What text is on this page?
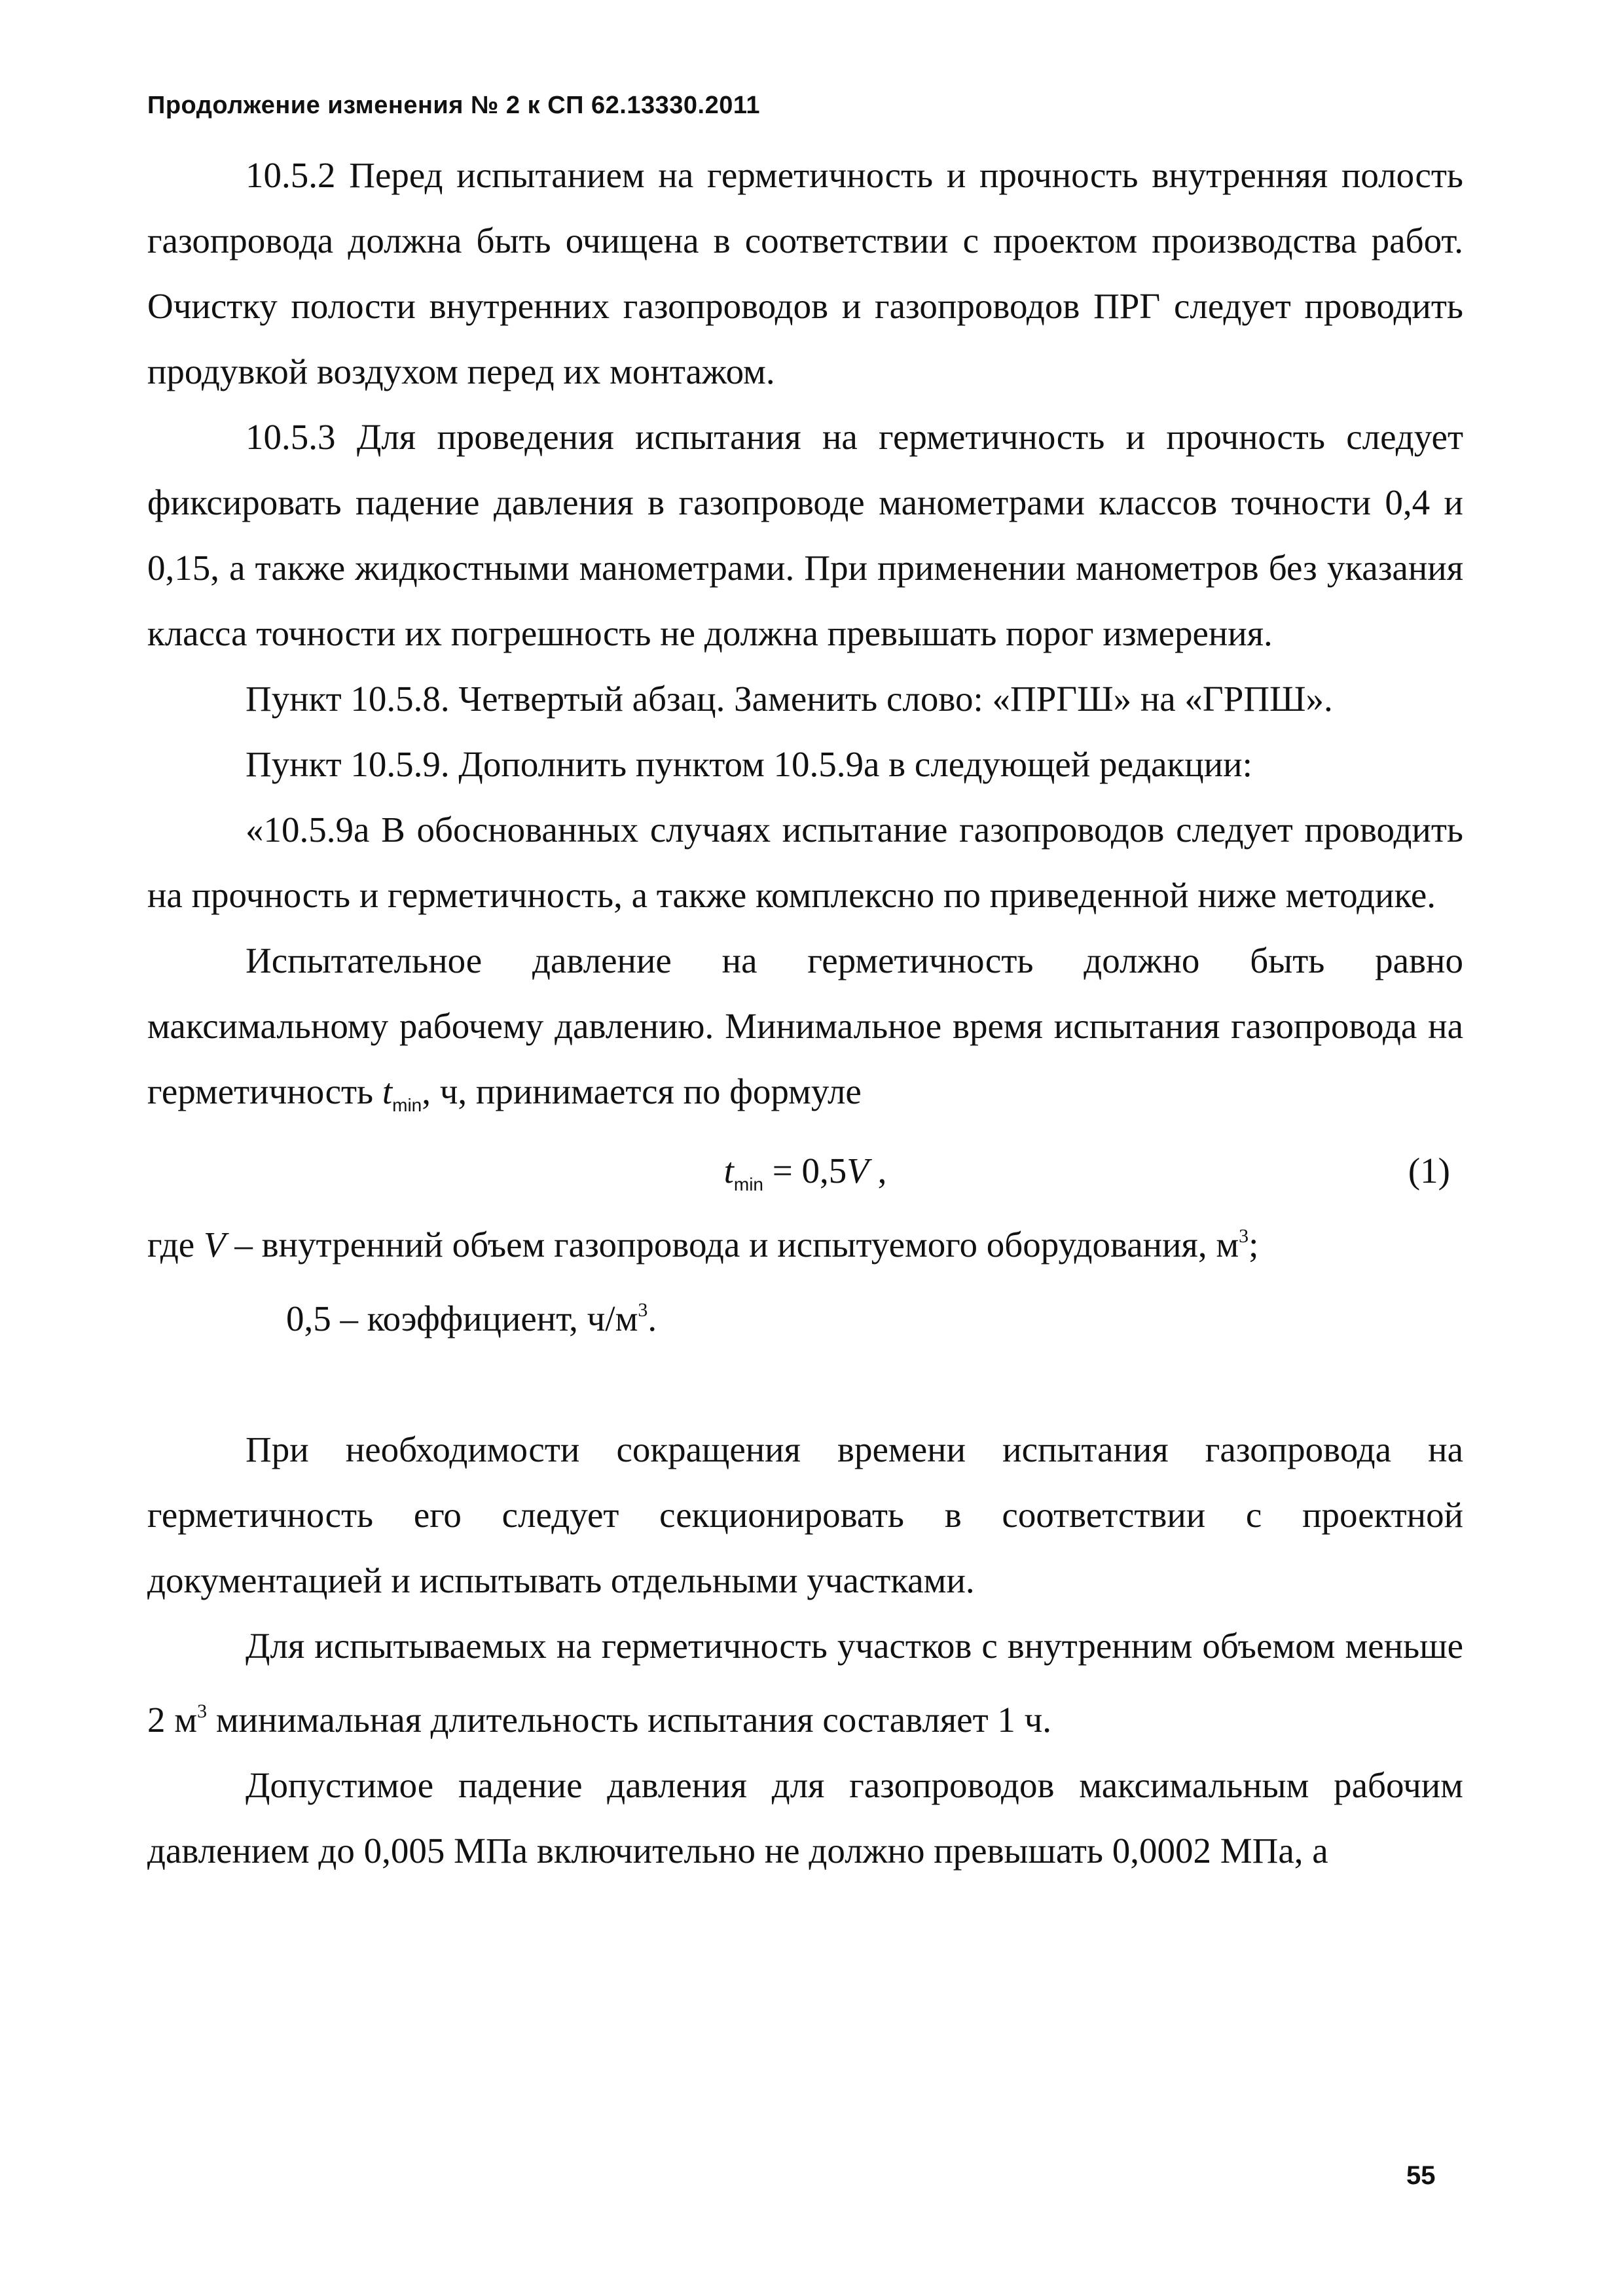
Продолжение изменения № 2 к СП 62.13330.2011

10.5.2 Перед испытанием на герметичность и прочность внутренняя полость газопровода должна быть очищена в соответствии с проектом производства работ. Очистку полости внутренних газопроводов и газопроводов ПРГ следует проводить продувкой воздухом перед их монтажом.

10.5.3 Для проведения испытания на герметичность и прочность следует фиксировать падение давления в газопроводе манометрами классов точности 0,4 и 0,15, а также жидкостными манометрами. При применении манометров без указания класса точности их погрешность не должна превышать порог измерения.

Пункт 10.5.8. Четвертый абзац. Заменить слово: «ПРГШ» на «ГРПШ».

Пункт 10.5.9. Дополнить пунктом 10.5.9а в следующей редакции:

«10.5.9а В обоснованных случаях испытание газопроводов следует проводить на прочность и герметичность, а также комплексно по приведенной ниже методике.

Испытательное давление на герметичность должно быть равно максимальному рабочему давлению. Минимальное время испытания газопровода на герметичность $t_{min}$, ч, принимается по формуле

$t_{min} = 0,5V$ ,	(1)

где V – внутренний объем газопровода и испытуемого оборудования, $м^3$;

0,5 – коэффициент, $ч/м^3$.

При необходимости сокращения времени испытания газопровода на герметичность его следует секционировать в соответствии с проектной документацией и испытывать отдельными участками.

Для испытываемых на герметичность участков с внутренним объемом меньше 2 $м^3$ минимальная длительность испытания составляет 1 ч.

Допустимое падение давления для газопроводов максимальным рабочим давлением до 0,005 МПа включительно не должно превышать 0,0002 МПа, а

55
